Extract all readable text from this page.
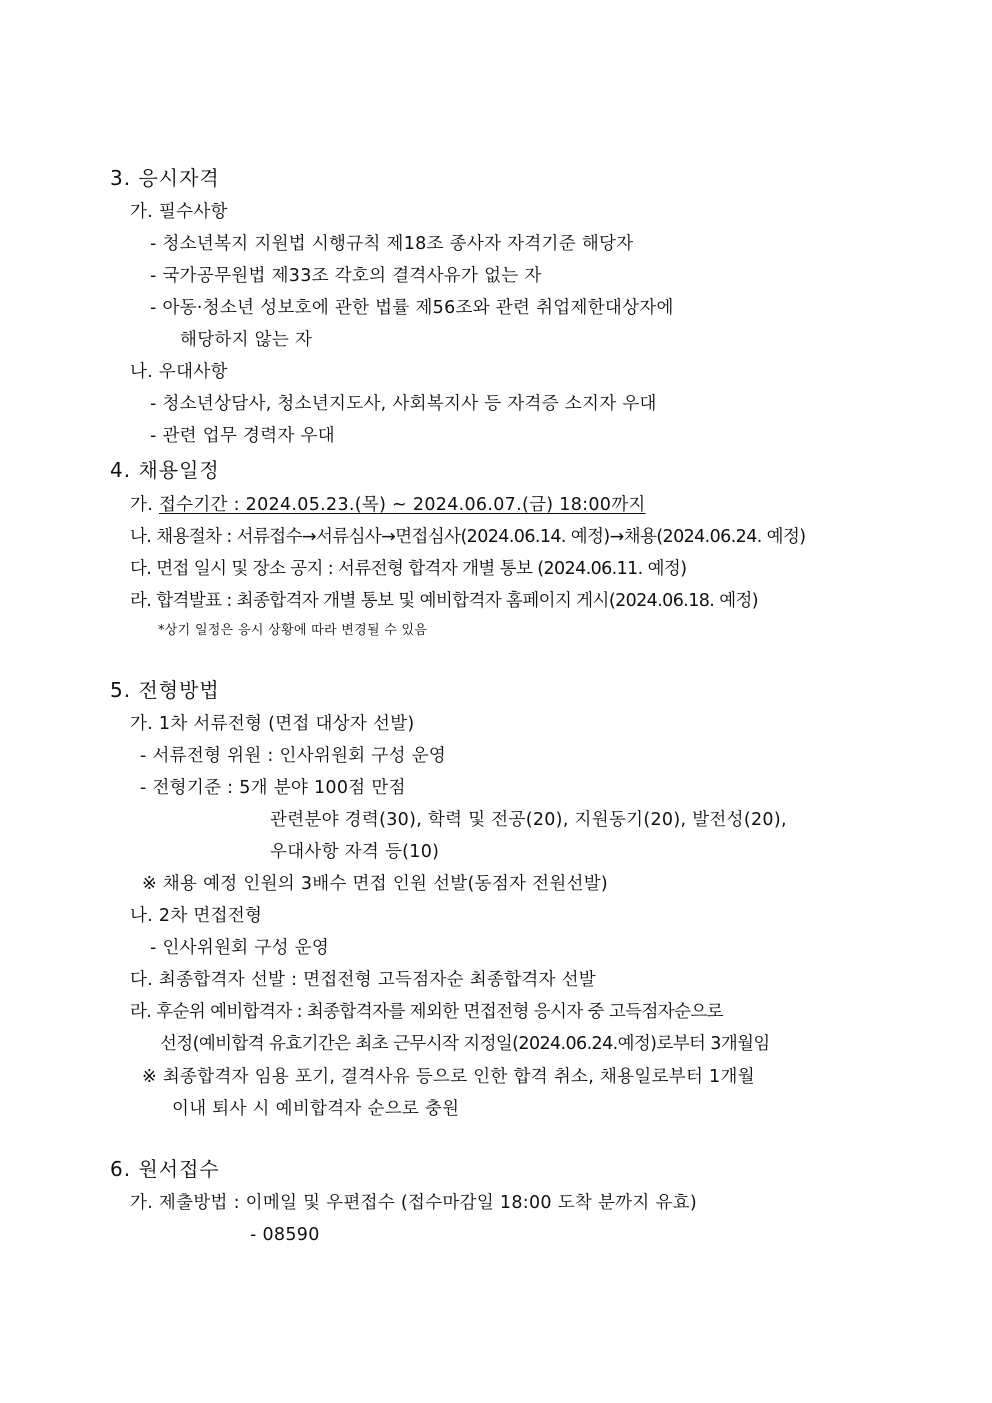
3. 응시자격
가. 필수사항
- 청소년복지 지원법 시행규칙 제18조 종사자 자격기준 해당자
- 국가공무원법 제33조 각호의 결격사유가 없는 자
- 아동·청소년 성보호에 관한 법률 제56조와 관련 취업제한대상자에
해당하지 않는 자
나. 우대사항
- 청소년상담사, 청소년지도사, 사회복지사 등 자격증 소지자 우대
- 관련 업무 경력자 우대
4. 채용일정
가. 접수기간 : 2024.05.23.(목) ~ 2024.06.07.(금) 18:00까지
나. 채용절차 : 서류접수→서류심사→면접심사(2024.06.14. 예정)→채용(2024.06.24. 예정)
다. 면접 일시 및 장소 공지 : 서류전형 합격자 개별 통보 (2024.06.11. 예정)
라. 합격발표 : 최종합격자 개별 통보 및 예비합격자 홈페이지 게시(2024.06.18. 예정)
*상기 일정은 응시 상황에 따라 변경될 수 있음
5. 전형방법
가. 1차 서류전형 (면접 대상자 선발)
- 서류전형 위원 : 인사위원회 구성 운영
- 전형기준 : 5개 분야 100점 만점
관련분야 경력(30), 학력 및 전공(20), 지원동기(20), 발전성(20),
우대사항 자격 등(10)
※ 채용 예정 인원의 3배수 면접 인원 선발(동점자 전원선발)
나. 2차 면접전형
- 인사위원회 구성 운영
다. 최종합격자 선발 : 면접전형 고득점자순 최종합격자 선발
라. 후순위 예비합격자 : 최종합격자를 제외한 면접전형 응시자 중 고득점자순으로
선정(예비합격 유효기간은 최초 근무시작 지정일(2024.06.24.예정)로부터 3개월임
※ 최종합격자 임용 포기, 결격사유 등으로 인한 합격 취소, 채용일로부터 1개월
이내 퇴사 시 예비합격자 순으로 충원
6. 원서접수
가. 제출방법 : 이메일 및 우편접수 (접수마감일 18:00 도착 분까지 유효)
- 08590
